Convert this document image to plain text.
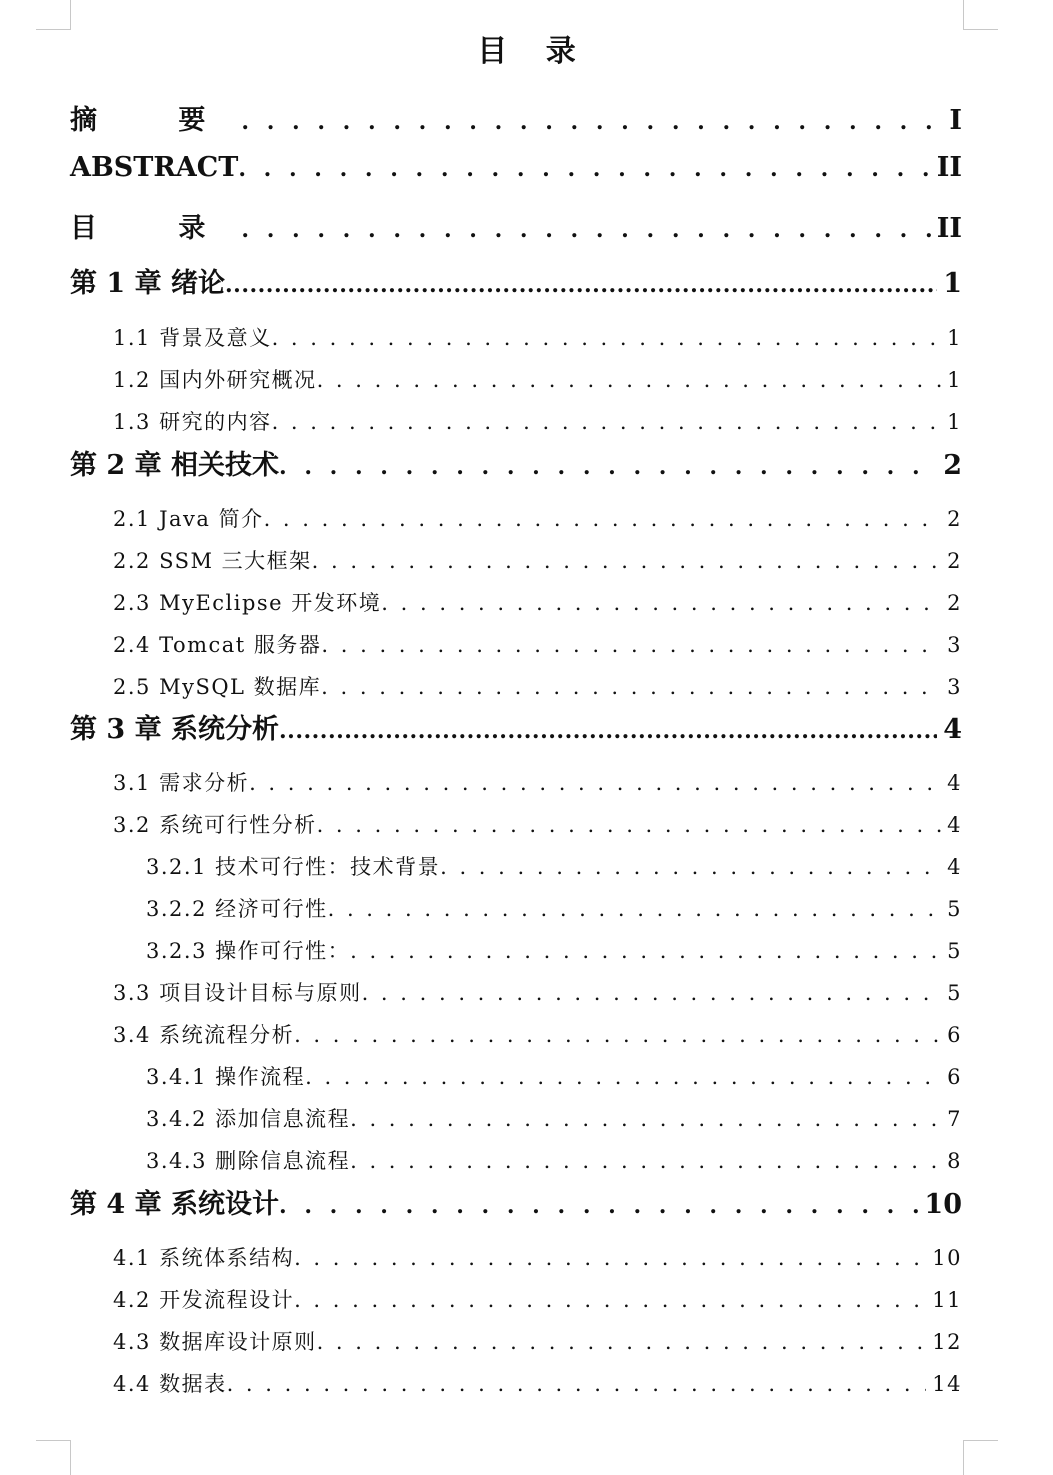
目 录
摘 要 . . .	I
ABSTRACT . . .	II
目 录 . . .	II
第 1 章 绪论 .....	1
1.1 背景及意义 . . .	1
1.2 国内外研究概况 . . .	1
1.3 研究的内容 . . .	1
第 2 章 相关技术 . . .	2
2.1 Java 简介 . . .	2
2.2 SSM 三大框架 . . .	2
2.3 MyEclipse 开发环境 . . .	2
2.4 Tomcat 服务器 . . .	3
2.5 MySQL 数据库 . . .	3
第 3 章 系统分析 .....	4
3.1 需求分析 . . .	4
3.2 系统可行性分析 . . .	4
3.2.1 技术可行性：技术背景 . . .	4
3.2.2 经济可行性 . . .	5
3.2.3 操作可行性： . . .	5
3.3 项目设计目标与原则 . . .	5
3.4 系统流程分析 . . .	6
3.4.1 操作流程 . . .	6
3.4.2 添加信息流程 . . .	7
3.4.3 删除信息流程 . . .	8
第 4 章 系统设计 . . .	10
4.1 系统体系结构 . . .	10
4.2 开发流程设计 . . .	11
4.3 数据库设计原则 . . .	12
4.4 数据表 . . .	14
